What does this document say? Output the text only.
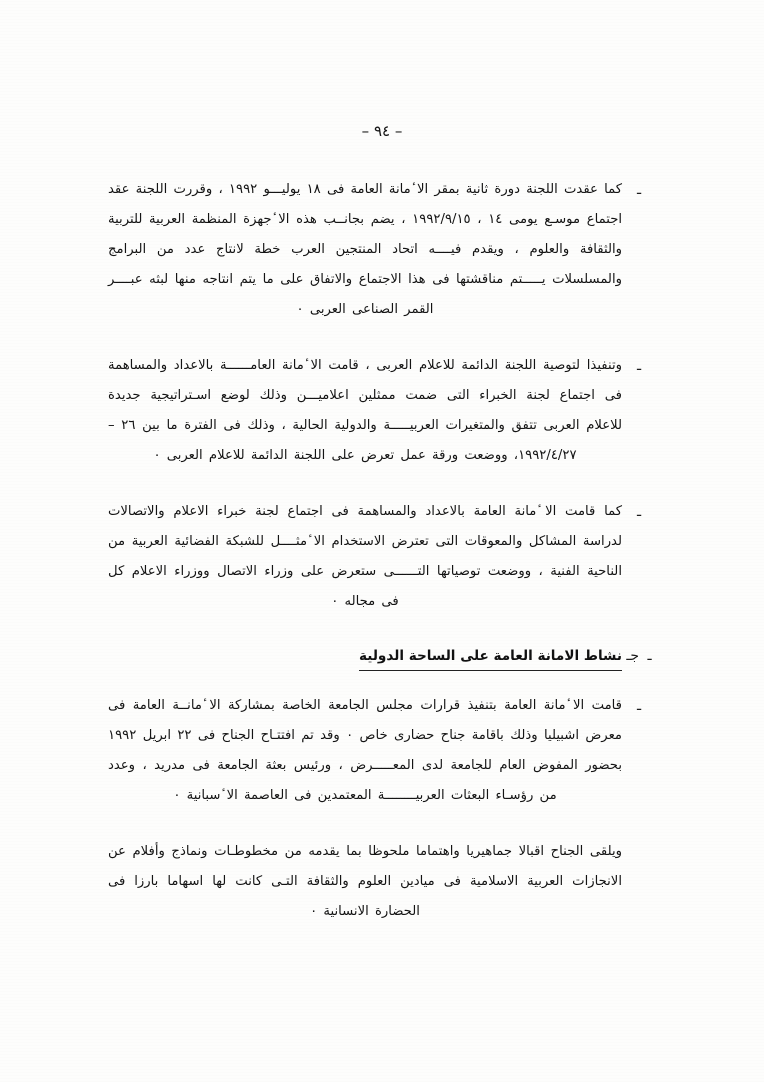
– ٩٤ –
ـ
كما عقدت اللجنة دورة ثانية بمقر الا ٔمانة العامة فى ١٨ يوليـــو ١٩٩٢ ، وقررت اللجنة عقد اجتماع موسـع يومى ١٤ ، ١٩٩٢/٩/١٥ ، يضم بجانــب هذه الا ٔجهزة المنظمة العربية للتربية والثقافة والعلوم ، ويقدم فيــــه اتحاد المنتجين العرب خطة لانتاج عدد من البرامج والمسلسلات يـــــتم مناقشتها فى هذا الاجتماع والاتفاق على ما يتم انتاجه منها لبثه عبــــر القمر الصناعى العربى ٠
ـ
وتنفيذا لتوصية اللجنة الدائمة للاعلام العربى ، قامت الا ٔمانة العامــــــة بالاعداد والمساهمة فى اجتماع لجنة الخبراء التى ضمت ممثلين اعلاميـــن وذلك لوضع اسـتراتيجية جديدة للاعلام العربى تتفق والمتغيرات العربيـــــة والدولية الحالية ، وذلك فى الفترة ما بين ٢٦ – ١٩٩٢/٤/٢٧، ووضعت ورقة عمل تعرض على اللجنة الدائمة للاعلام العربى ٠
ـ
كما قامت الا ٔمانة العامة بالاعداد والمساهمة فى اجتماع لجنة خبراء الاعلام والاتصالات لدراسة المشاكل والمعوقات التى تعترض الاستخدام الا ٔمثــــل للشبكة الفضائية العربية من الناحية الفنية ، ووضعت توصياتها التــــــى ستعرض على وزراء الاتصال ووزراء الاعلام كل فى مجاله ٠
ـ جـ
نشاط الامانة العامة على الساحة الدولية
ـ
قامت الا ٔمانة العامة بتنفيذ قرارات مجلس الجامعة الخاصة بمشاركة الا ٔمانــة العامة فى معرض اشبيليا وذلك باقامة جناح حضارى خاص ٠ وقد تم افتتـاح الجناح فى ٢٢ ابريل ١٩٩٢ بحضور المفوض العام للجامعة لدى المعـــــرض ، ورئيس بعثة الجامعة فى مدريد ، وعدد من رؤسـاء البعثات العربيــــــــة المعتمدين فى العاصمة الا ٔسبانية ٠
ويلقى الجناح اقبالا جماهيريا واهتماما ملحوظا بما يقدمه من مخطوطـات ونماذج وأفلام عن الانجازات العربية الاسلامية فى ميادين العلوم والثقافة التـى كانت لها اسهاما بارزا فى الحضارة الانسانية ٠
